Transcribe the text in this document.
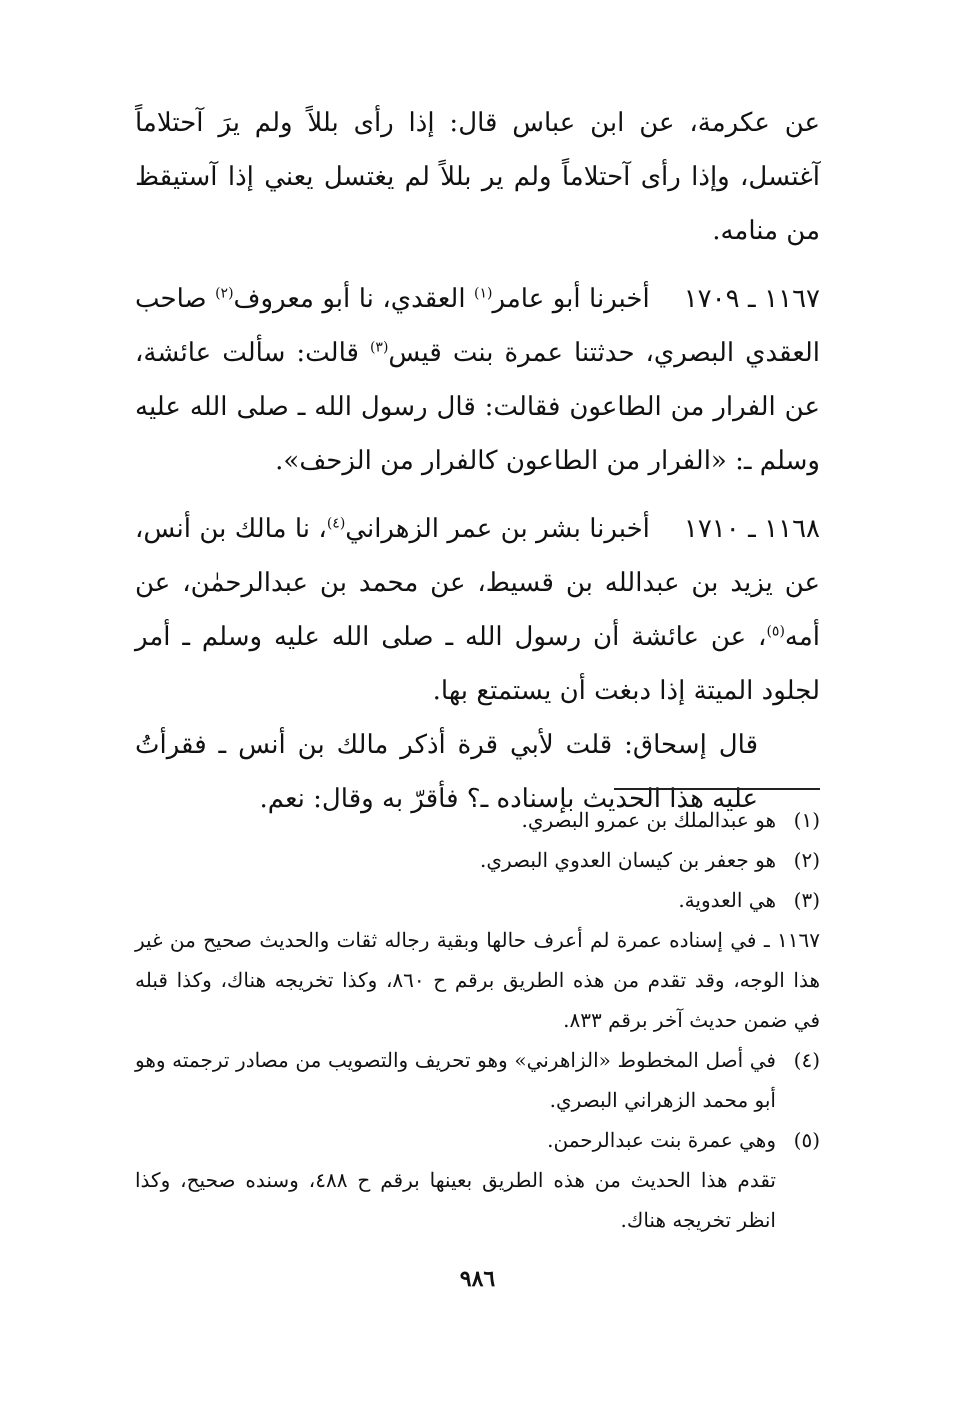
عن عكرمة، عن ابن عباس قال: إذا رأى بللاً ولم يرَ آحتلاماً آغتسل، وإذا رأى آحتلاماً ولم ير بللاً لم يغتسل يعني إذا آستيقظ من منامه.

١١٦٧ ـ ١٧٠٩أخبرنا أبو عامر$^{(١)}$ العقدي، نا أبو معروف$^{(٢)}$ صاحب العقدي البصري، حدثتنا عمرة بنت قيس$^{(٣)}$ قالت: سألت عائشة، عن الفرار من الطاعون فقالت: قال رسول الله ـ صلى الله عليه وسلم ـ: «الفرار من الطاعون كالفرار من الزحف».

١١٦٨ ـ ١٧١٠أخبرنا بشر بن عمر الزهراني$^{(٤)}$، نا مالك بن أنس، عن يزيد بن عبدالله بن قسيط، عن محمد بن عبدالرحمٰن، عن أمه$^{(٥)}$، عن عائشة أن رسول الله ـ صلى الله عليه وسلم ـ أمر لجلود الميتة إذا دبغت أن يستمتع بها.

قال إسحاق: قلت لأبي قرة أذكر مالك بن أنس ـ فقرأتُ عليه هذا الحديث بإسناده ـ؟ فأقرّ به وقال: نعم.

(١)
هو عبدالملك بن عمرو البصري.
(٢)
هو جعفر بن كيسان العدوي البصري.
(٣)
هي العدوية.
١١٦٧ ـ في إسناده عمرة لم أعرف حالها وبقية رجاله ثقات والحديث صحيح من غير هذا الوجه، وقد تقدم من هذه الطريق برقم ح ٨٦٠، وكذا تخريجه هناك، وكذا قبله في ضمن حديث آخر برقم ٨٣٣.
(٤)
في أصل المخطوط «الزاهرني» وهو تحريف والتصويب من مصادر ترجمته وهو أبو محمد الزهراني البصري.
(٥)
وهي عمرة بنت عبدالرحمن.
تقدم هذا الحديث من هذه الطريق بعينها برقم ح ٤٨٨، وسنده صحيح، وكذا انظر تخريجه هناك.
٩٨٦
